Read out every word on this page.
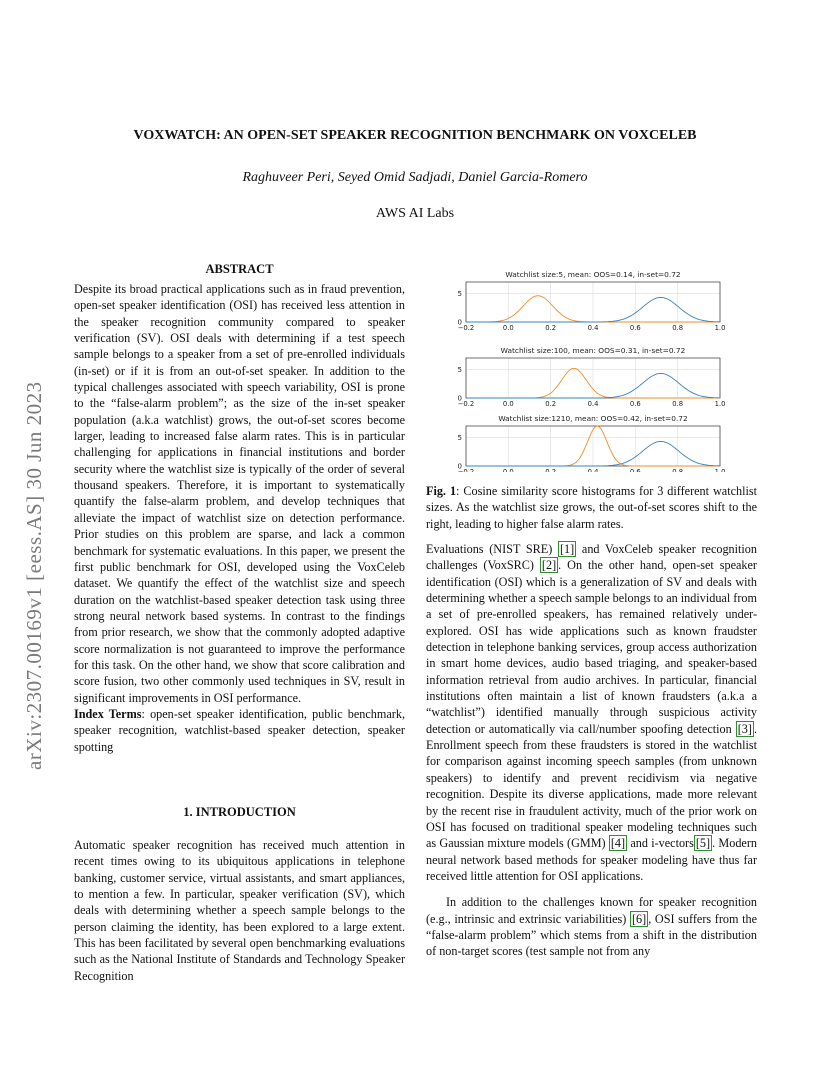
arXiv:2307.00169v1 [eess.AS] 30 Jun 2023
VOXWATCH: AN OPEN-SET SPEAKER RECOGNITION BENCHMARK ON VOXCELEB
Raghuveer Peri, Seyed Omid Sadjadi, Daniel Garcia-Romero
AWS AI Labs
ABSTRACT

Despite its broad practical applications such as in fraud prevention, open-set speaker identification (OSI) has received less attention in the speaker recognition community compared to speaker verification (SV). OSI deals with determining if a test speech sample belongs to a speaker from a set of pre-enrolled individuals (in-set) or if it is from an out-of-set speaker. In addition to the typical challenges associated with speech variability, OSI is prone to the “false-alarm problem”; as the size of the in-set speaker population (a.k.a watchlist) grows, the out-of-set scores become larger, leading to increased false alarm rates. This is in particular challenging for applications in financial institutions and border security where the watchlist size is typically of the order of several thousand speakers. Therefore, it is important to systematically quantify the false-alarm problem, and develop techniques that alleviate the impact of watchlist size on detection performance. Prior studies on this problem are sparse, and lack a common benchmark for systematic evaluations. In this paper, we present the first public benchmark for OSI, developed using the VoxCeleb dataset. We quantify the effect of the watchlist size and speech duration on the watchlist-based speaker detection task using three strong neural network based systems. In contrast to the findings from prior research, we show that the commonly adopted adaptive score normalization is not guaranteed to improve the performance for this task. On the other hand, we show that score calibration and score fusion, two other commonly used techniques in SV, result in significant improvements in OSI performance.

Index Terms: open-set speaker identification, public benchmark, speaker recognition, watchlist-based speaker detection, speaker spotting

1. INTRODUCTION

Automatic speaker recognition has received much attention in recent times owing to its ubiquitous applications in telephone banking, customer service, virtual assistants, and smart appliances, to mention a few. In particular, speaker verification (SV), which deals with determining whether a speech sample belongs to the person claiming the identity, has been explored to a large extent. This has been facilitated by several open benchmarking evaluations such as the National Institute of Standards and Technology Speaker Recognition

Watchlist size:5, mean: OOS=0.14, in-set=0.72
0
5
−0.2	0.0	0.2	0.4	0.6	0.8	1.0
Watchlist size:100, mean: OOS=0.31, in-set=0.72
0
5
−0.2	0.0	0.2	0.4	0.6	0.8	1.0
Watchlist size:1210, mean: OOS=0.42, in-set=0.72
0
5
−0.2	0.0	0.2	0.4	0.6	0.8	1.0
Fig. 1: Cosine similarity score histograms for 3 different watchlist sizes. As the watchlist size grows, the out-of-set scores shift to the right, leading to higher false alarm rates.

Evaluations (NIST SRE) [1] and VoxCeleb speaker recognition challenges (VoxSRC) [2] . On the other hand, open-set speaker identification (OSI) which is a generalization of SV and deals with determining whether a speech sample belongs to an individual from a set of pre-enrolled speakers, has remained relatively under-explored. OSI has wide applications such as known fraudster detection in telephone banking services, group access authorization in smart home devices, audio based triaging, and speaker-based information retrieval from audio archives. In particular, financial institutions often maintain a list of known fraudsters (a.k.a a “watchlist”) identified manually through suspicious activity detection or automatically via call/number spoofing detection [3] . Enrollment speech from these fraudsters is stored in the watchlist for comparison against incoming speech samples (from unknown speakers) to identify and prevent recidivism via negative recognition. Despite its diverse applications, made more relevant by the recent rise in fraudulent activity, much of the prior work on OSI has focused on traditional speaker modeling techniques such as Gaussian mixture models (GMM) [4] and i-vectors [5] . Modern neural network based methods for speaker modeling have thus far received little attention for OSI applications.

In addition to the challenges known for speaker recognition (e.g., intrinsic and extrinsic variabilities) [6] , OSI suffers from the “false-alarm problem” which stems from a shift in the distribution of non-target scores (test sample not from any
